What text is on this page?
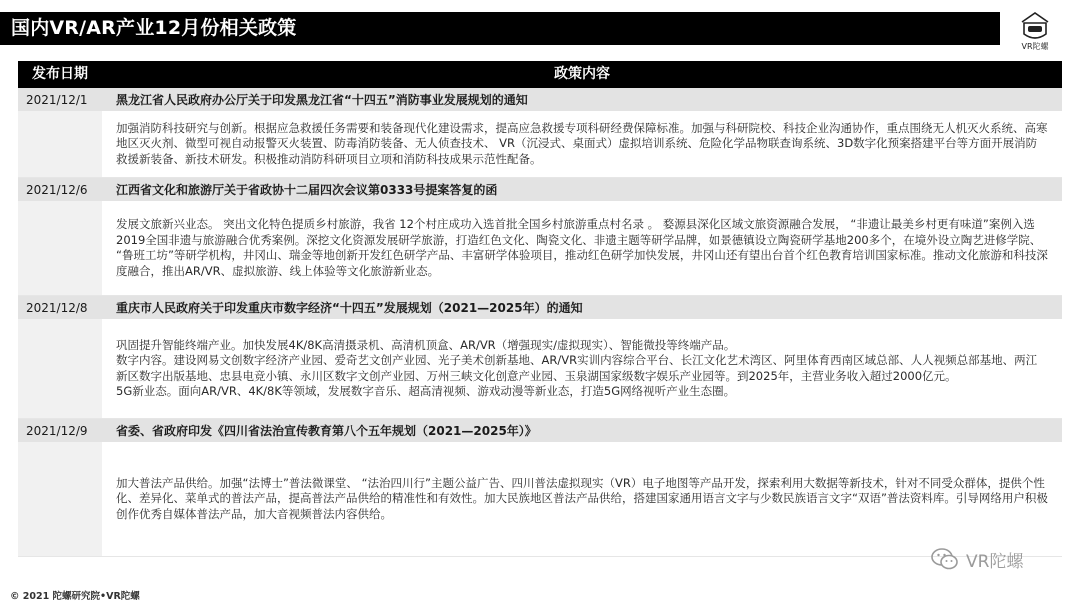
国内VR/AR产业12月份相关政策
VR陀螺
发布日期	政策内容
2021/12/1	黑龙江省人民政府办公厅关于印发黑龙江省“十四五”消防事业发展规划的通知

加强消防科技研究与创新。根据应急救援任务需要和装备现代化建设需求，提高应急救援专项科研经费保障标准。加强与科研院校、科技企业沟通协作，重点围绕无人机灭火系统、高寒地区灭火剂、微型可视自动报警灭火装置、防毒消防装备、无人侦查技术、 VR（沉浸式、桌面式）虚拟培训系统、危险化学品物联查询系统、3D数字化预案搭建平台等方面开展消防救援新装备、新技术研发。积极推动消防科研项目立项和消防科技成果示范性配备。

2021/12/6	江西省文化和旅游厅关于省政协十二届四次会议第0333号提案答复的函

发展文旅新兴业态。 突出文化特色提质乡村旅游，我省 12个村庄成功入选首批全国乡村旅游重点村名录 。 婺源县深化区域文旅资源融合发展， “非遗让最美乡村更有味道”案例入选2019全国非遗与旅游融合优秀案例。深挖文化资源发展研学旅游，打造红色文化、陶瓷文化、非遗主题等研学品牌，如景德镇设立陶瓷研学基地200多个，在境外设立陶艺进修学院、 “鲁班工坊”等研学机构，井冈山、瑞金等地创新开发红色研学产品、丰富研学体验项目，推动红色研学加快发展，井冈山还有望出台首个红色教育培训国家标准。推动文化旅游和科技深度融合，推出AR/VR、虚拟旅游、线上体验等文化旅游新业态。

2021/12/8	重庆市人民政府关于印发重庆市数字经济“十四五”发展规划（2021—2025年）的通知

巩固提升智能终端产业。加快发展4K/8K高清摄录机、高清机顶盒、AR/VR（增强现实/虚拟现实）、智能微投等终端产品。

数字内容。建设网易文创数字经济产业园、爱奇艺文创产业园、光子美术创新基地、AR/VR实训内容综合平台、长江文化艺术湾区、阿里体育西南区域总部、人人视频总部基地、两江新区数字出版基地、忠县电竞小镇、永川区数字文创产业园、万州三峡文化创意产业园、玉泉湖国家级数字娱乐产业园等。到2025年，主营业务收入超过2000亿元。

5G新业态。面向AR/VR、4K/8K等领域，发展数字音乐、超高清视频、游戏动漫等新业态，打造5G网络视听产业生态圈。

2021/12/9	省委、省政府印发《四川省法治宣传教育第八个五年规划（2021—2025年）》

加大普法产品供给。加强“法博士”普法微课堂、 “法治四川行”主题公益广告、四川普法虚拟现实（VR）电子地图等产品开发，探索利用大数据等新技术，针对不同受众群体，提供个性化、差异化、菜单式的普法产品，提高普法产品供给的精准性和有效性。加大民族地区普法产品供给，搭建国家通用语言文字与少数民族语言文字“双语”普法资料库。引导网络用户积极创作优秀自媒体普法产品，加大音视频普法内容供给。

VR陀螺
© 2021 陀螺研究院•VR陀螺
